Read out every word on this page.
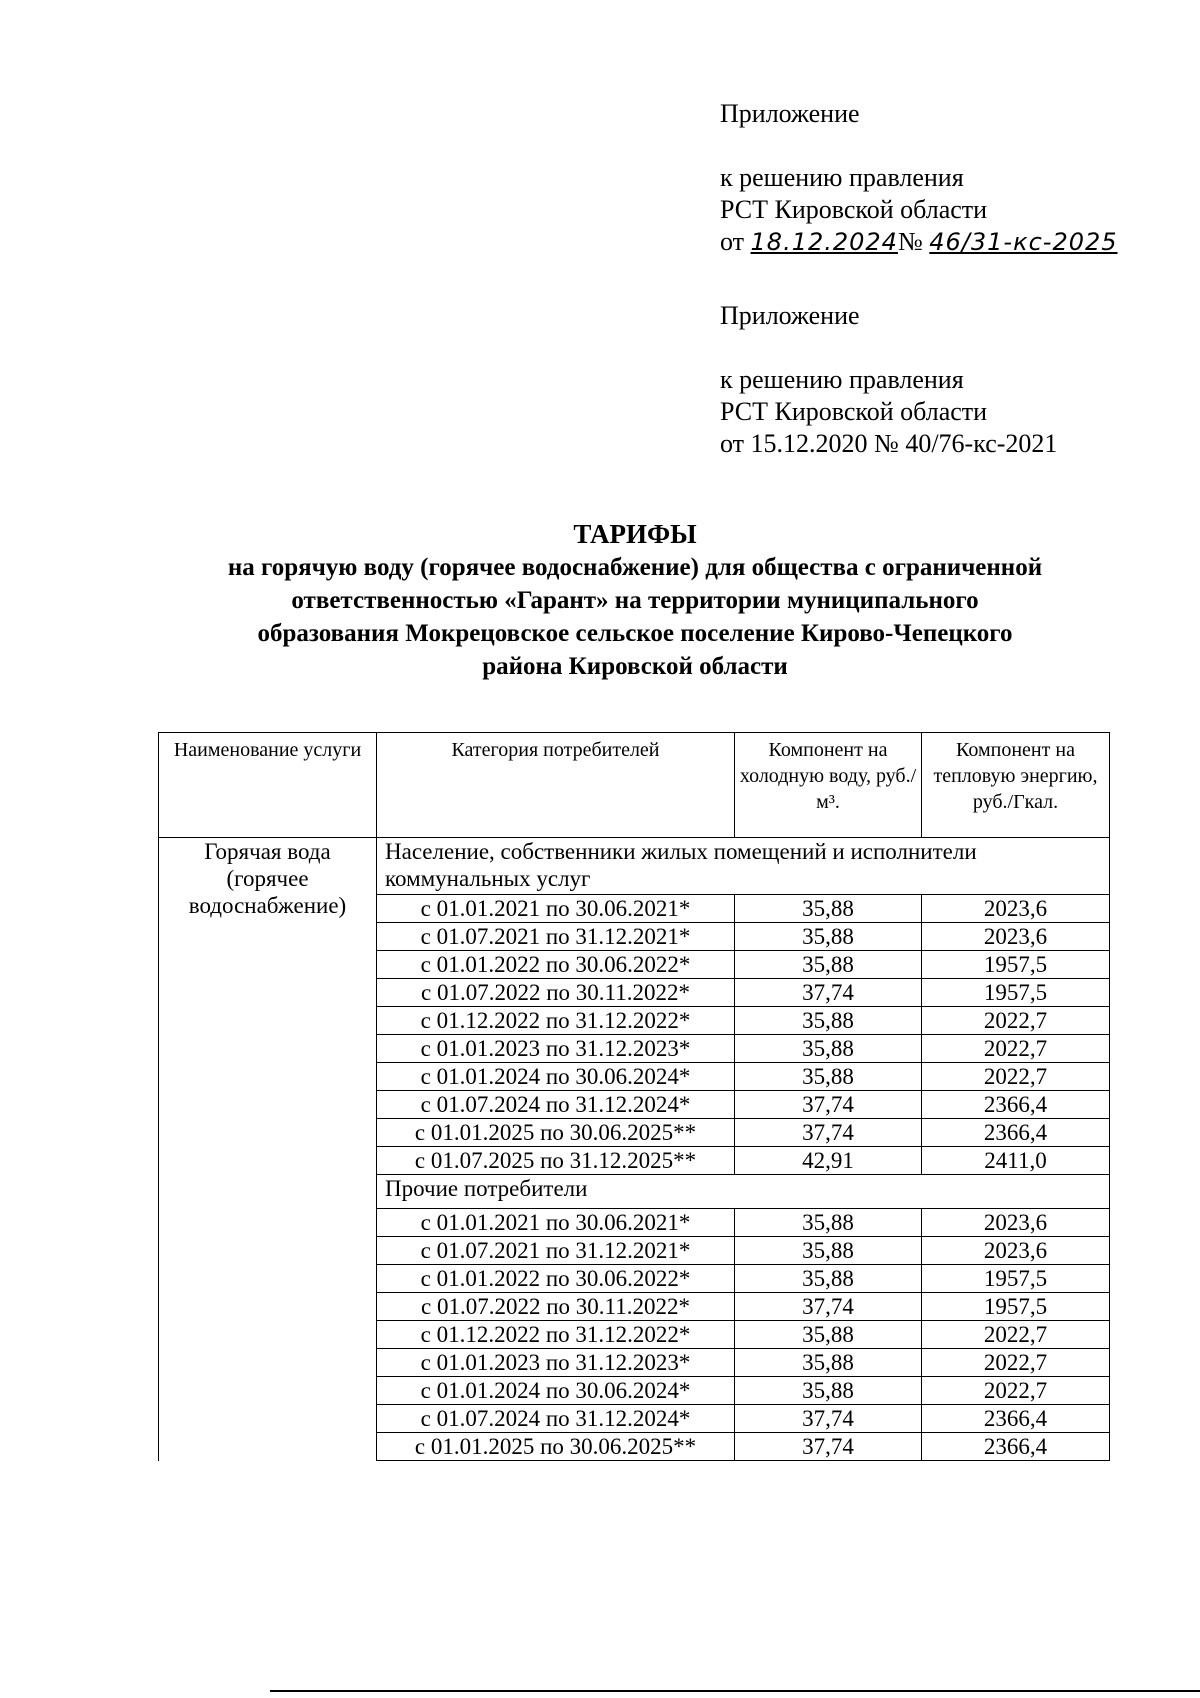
Приложение

к решению правления

РСТ Кировской области

от 18.12.2024№ 46/31-кс-2025

Приложение

к решению правления

РСТ Кировской области

от 15.12.2020 № 40/76-кс-2021

ТАРИФЫ

на горячую воду (горячее водоснабжение) для общества с ограниченной

ответственностью «Гарант» на территории муниципального

образования Мокрецовское сельское поселение Кирово-Чепецкого

района Кировской области

Наименование услуги	Категория потребителей	Компонент на холодную воду, руб./м³.	Компонент на тепловую энергию, руб./Гкал.
Горячая вода (горячее водоснабжение)	Население, собственники жилых помещений и исполнители коммунальных услуг		
	с 01.01.2021 по 30.06.2021*	35,88	2023,6
	с 01.07.2021 по 31.12.2021*	35,88	2023,6
	с 01.01.2022 по 30.06.2022*	35,88	1957,5
	с 01.07.2022 по 30.11.2022*	37,74	1957,5
	с 01.12.2022 по 31.12.2022*	35,88	2022,7
	с 01.01.2023 по 31.12.2023*	35,88	2022,7
	с 01.01.2024 по 30.06.2024*	35,88	2022,7
	с 01.07.2024 по 31.12.2024*	37,74	2366,4
	с 01.01.2025 по 30.06.2025**	37,74	2366,4
	с 01.07.2025 по 31.12.2025**	42,91	2411,0
	Прочие потребители		
	с 01.01.2021 по 30.06.2021*	35,88	2023,6
	с 01.07.2021 по 31.12.2021*	35,88	2023,6
	с 01.01.2022 по 30.06.2022*	35,88	1957,5
	с 01.07.2022 по 30.11.2022*	37,74	1957,5
	с 01.12.2022 по 31.12.2022*	35,88	2022,7
	с 01.01.2023 по 31.12.2023*	35,88	2022,7
	с 01.01.2024 по 30.06.2024*	35,88	2022,7
	с 01.07.2024 по 31.12.2024*	37,74	2366,4
	с 01.01.2025 по 30.06.2025**	37,74	2366,4
